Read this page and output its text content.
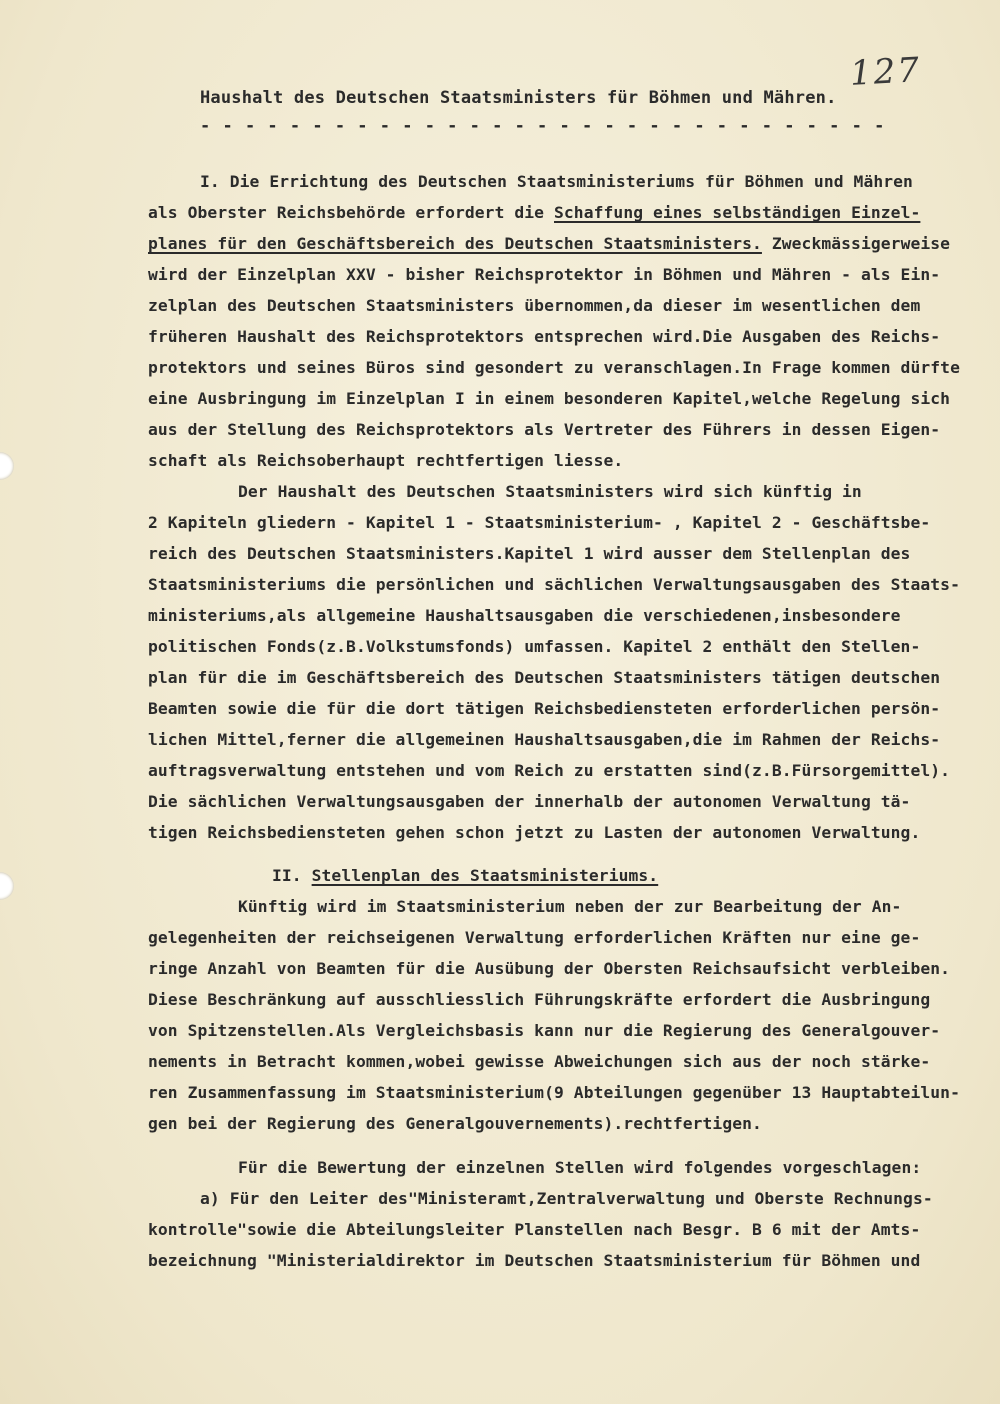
127
Haushalt des Deutschen Staatsministers für Böhmen und Mähren.
- - - - - - - - - - - - - - - - - - - - - - - - - - - - - - -
I. Die Errichtung des Deutschen Staatsministeriums für Böhmen und Mähren
als Oberster Reichsbehörde erfordert die Schaffung eines selbständigen Einzel-
planes für den Geschäftsbereich des Deutschen Staatsministers. Zweckmässigerweise
wird der Einzelplan XXV - bisher Reichsprotektor in Böhmen und Mähren - als Ein-
zelplan des Deutschen Staatsministers übernommen,da dieser im wesentlichen dem
früheren Haushalt des Reichsprotektors entsprechen wird.Die Ausgaben des Reichs-
protektors und seines Büros sind gesondert zu veranschlagen.In Frage kommen dürfte
eine Ausbringung im Einzelplan I in einem besonderen Kapitel,welche Regelung sich
aus der Stellung des Reichsprotektors als Vertreter des Führers in dessen Eigen-
schaft als Reichsoberhaupt rechtfertigen liesse.
Der Haushalt des Deutschen Staatsministers wird sich künftig in
2 Kapiteln gliedern - Kapitel 1 - Staatsministerium- , Kapitel 2 - Geschäftsbe-
reich des Deutschen Staatsministers.Kapitel 1 wird ausser dem Stellenplan des
Staatsministeriums die persönlichen und sächlichen Verwaltungsausgaben des Staats-
ministeriums,als allgemeine Haushaltsausgaben die verschiedenen,insbesondere
politischen Fonds(z.B.Volkstumsfonds) umfassen. Kapitel 2 enthält den Stellen-
plan für die im Geschäftsbereich des Deutschen Staatsministers tätigen deutschen
Beamten sowie die für die dort tätigen Reichsbediensteten erforderlichen persön-
lichen Mittel,ferner die allgemeinen Haushaltsausgaben,die im Rahmen der Reichs-
auftragsverwaltung entstehen und vom Reich zu erstatten sind(z.B.Fürsorgemittel).
Die sächlichen Verwaltungsausgaben der innerhalb der autonomen Verwaltung tä-
tigen Reichsbediensteten gehen schon jetzt zu Lasten der autonomen Verwaltung.
II. Stellenplan des Staatsministeriums.
Künftig wird im Staatsministerium neben der zur Bearbeitung der An-
gelegenheiten der reichseigenen Verwaltung erforderlichen Kräften nur eine ge-
ringe Anzahl von Beamten für die Ausübung der Obersten Reichsaufsicht verbleiben.
Diese Beschränkung auf ausschliesslich Führungskräfte erfordert die Ausbringung
von Spitzenstellen.Als Vergleichsbasis kann nur die Regierung des Generalgouver-
nements in Betracht kommen,wobei gewisse Abweichungen sich aus der noch stärke-
ren Zusammenfassung im Staatsministerium(9 Abteilungen gegenüber 13 Hauptabteilun-
gen bei der Regierung des Generalgouvernements).rechtfertigen.
Für die Bewertung der einzelnen Stellen wird folgendes vorgeschlagen:
a) Für den Leiter des"Ministeramt,Zentralverwaltung und Oberste Rechnungs-
kontrolle"sowie die Abteilungsleiter Planstellen nach Besgr. B 6 mit der Amts-
bezeichnung "Ministerialdirektor im Deutschen Staatsministerium für Böhmen und
